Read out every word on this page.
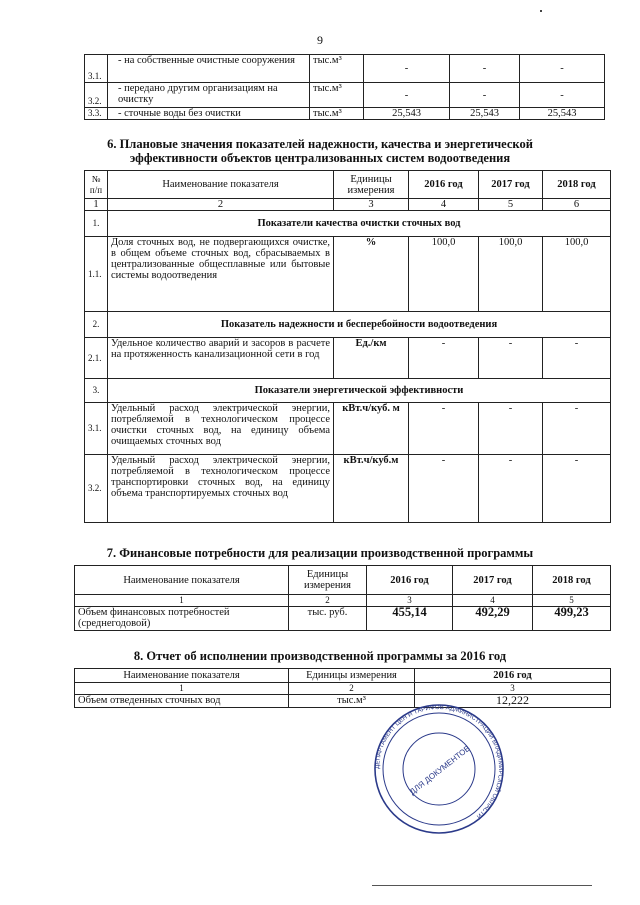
9
3.1.	- на собственные очистные сооружения	тыс.м³	-	-	-
3.2.	- передано другим организациям на очистку	тыс.м³	-	-	-
3.3.	- сточные воды без очистки	тыс.м³	25,543	25,543	25,543
6. Плановые значения показателей надежности, качества и энергетической
эффективности объектов централизованных систем водоотведения
№ п/п	Наименование показателя	Единицы измерения	2016 год	2017 год	2018 год
1	2	3	4	5	6
1.	Показатели качества очистки сточных вод				
1.1.	Доля сточных вод, не подвергающихся очистке, в общем объеме сточных вод, сбрасываемых в централизованные общесплавные или бытовые системы водоотведения	%	100,0	100,0	100,0
2.	Показатель надежности и бесперебойности водоотведения				
2.1.	Удельное количество аварий и засоров в расчете на протяженность канализационной сети в год	Ед./км	-	-	-
3.	Показатели энергетической эффективности				
3.1.	Удельный расход электрической энергии, потребляемой в технологическом процессе очистки сточных вод, на единицу объема очищаемых сточных вод	кВт.ч/куб. м	-	-	-
3.2.	Удельный расход электрической энергии, потребляемой в технологическом процессе транспортировки сточных вод, на единицу объема транспортируемых сточных вод	кВт.ч/куб.м	-	-	-
7. Финансовые потребности для реализации производственной программы
Наименование показателя	Единицы измерения	2016 год	2017 год	2018 год
1	2	3	4	5
Объем финансовых потребностей (среднегодовой)	тыс. руб.	455,14	492,29	499,23
8. Отчет об исполнении производственной программы за 2016 год
Наименование показателя	Единицы измерения	2016 год
1	2	3
Объем отведенных сточных вод	тыс.м³	12,222
ДЕПАРТАМЕНТ ЦЕН И ТАРИФОВ АДМИНИСТРАЦИИ ВЛАДИМИРСКОЙ ОБЛАСТИ
ДЛЯ ДОКУМЕНТОВ
